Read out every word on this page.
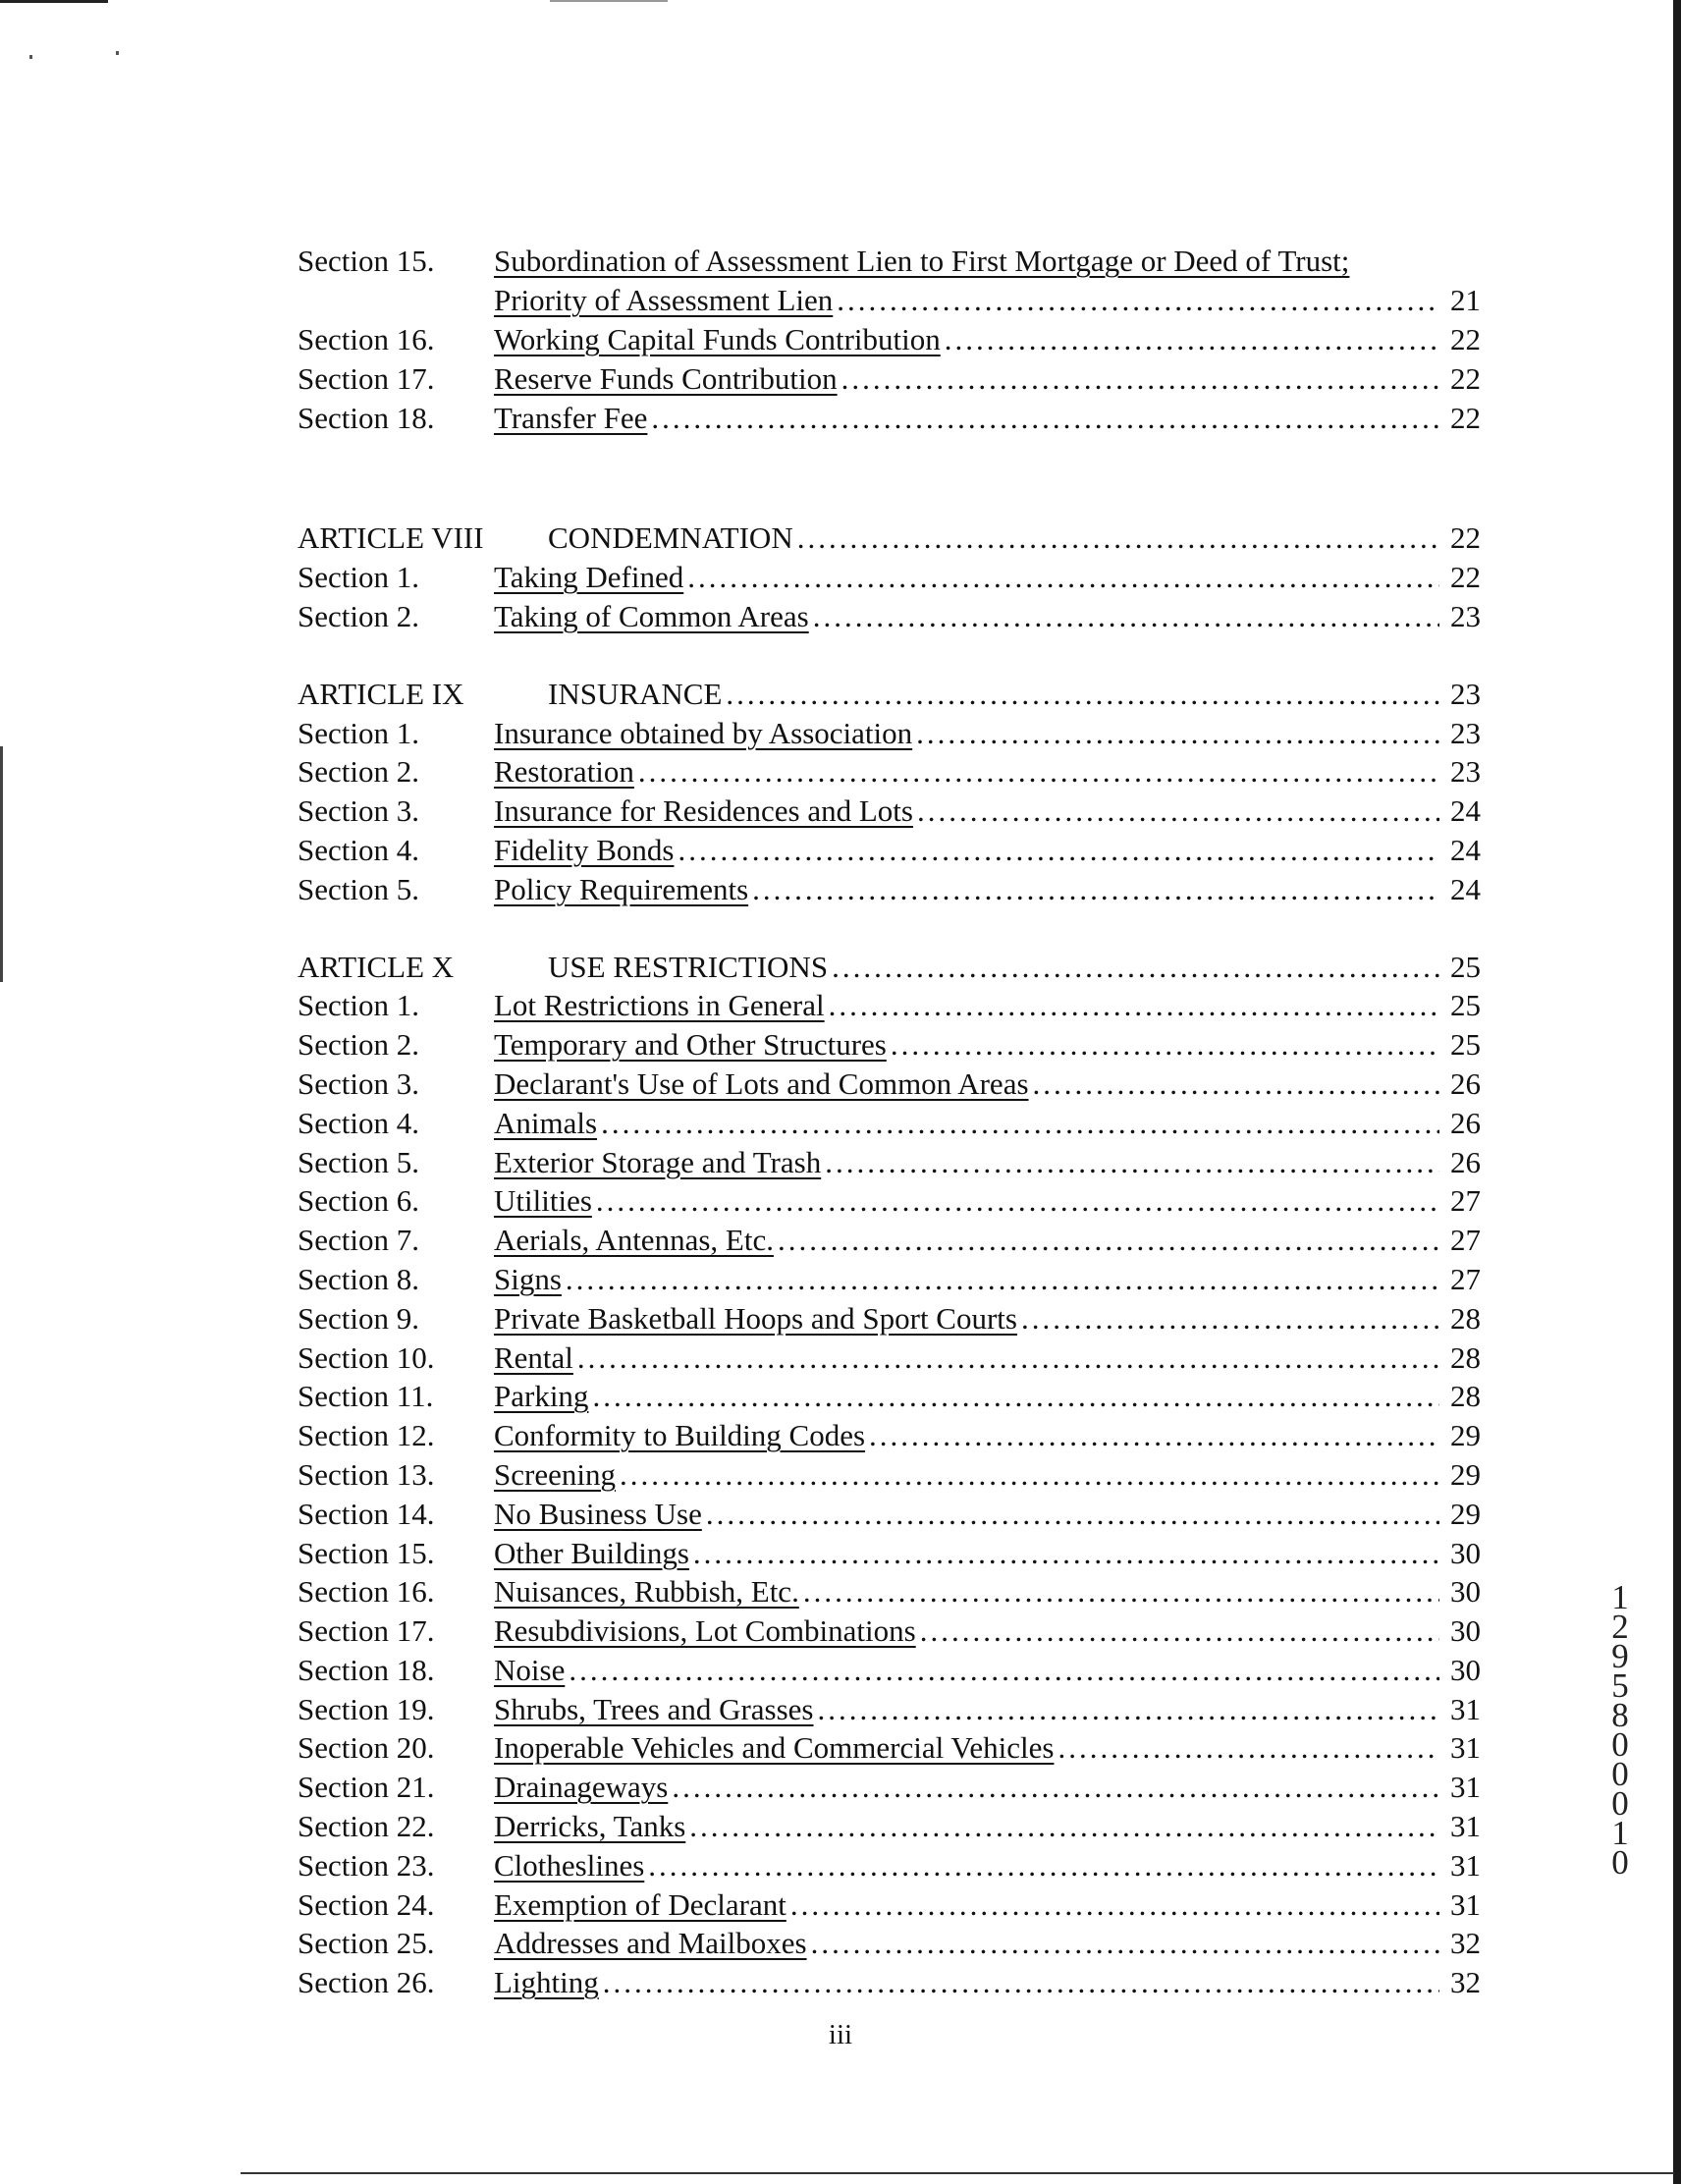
Section 15.	Subordination of Assessment Lien to First Mortgage or Deed of Trust;
Priority of Assessment Lien .....	21
Section 16.	Working Capital Funds Contribution .....	22
Section 17.	Reserve Funds Contribution .....	22
Section 18.	Transfer Fee .....	22
ARTICLE VIII	CONDEMNATION .....	22
Section 1.	Taking Defined .....	22
Section 2.	Taking of Common Areas .....	23
ARTICLE IX	INSURANCE .....	23
Section 1.	Insurance obtained by Association .....	23
Section 2.	Restoration .....	23
Section 3.	Insurance for Residences and Lots .....	24
Section 4.	Fidelity Bonds .....	24
Section 5.	Policy Requirements .....	24
ARTICLE X	USE RESTRICTIONS .....	25
Section 1.	Lot Restrictions in General .....	25
Section 2.	Temporary and Other Structures .....	25
Section 3.	Declarant's Use of Lots and Common Areas .....	26
Section 4.	Animals .....	26
Section 5.	Exterior Storage and Trash .....	26
Section 6.	Utilities .....	27
Section 7.	Aerials, Antennas, Etc. .....	27
Section 8.	Signs .....	27
Section 9.	Private Basketball Hoops and Sport Courts .....	28
Section 10.	Rental .....	28
Section 11.	Parking .....	28
Section 12.	Conformity to Building Codes .....	29
Section 13.	Screening .....	29
Section 14.	No Business Use .....	29
Section 15.	Other Buildings .....	30
Section 16.	Nuisances, Rubbish, Etc. .....	30
Section 17.	Resubdivisions, Lot Combinations .....	30
Section 18.	Noise .....	30
Section 19.	Shrubs, Trees and Grasses .....	31
Section 20.	Inoperable Vehicles and Commercial Vehicles .....	31
Section 21.	Drainageways .....	31
Section 22.	Derricks, Tanks .....	31
Section 23.	Clotheslines .....	31
Section 24.	Exemption of Declarant .....	31
Section 25.	Addresses and Mailboxes .....	32
Section 26.	Lighting .....	32
iii
1
2
9
5
8
0
0
0
1
0
